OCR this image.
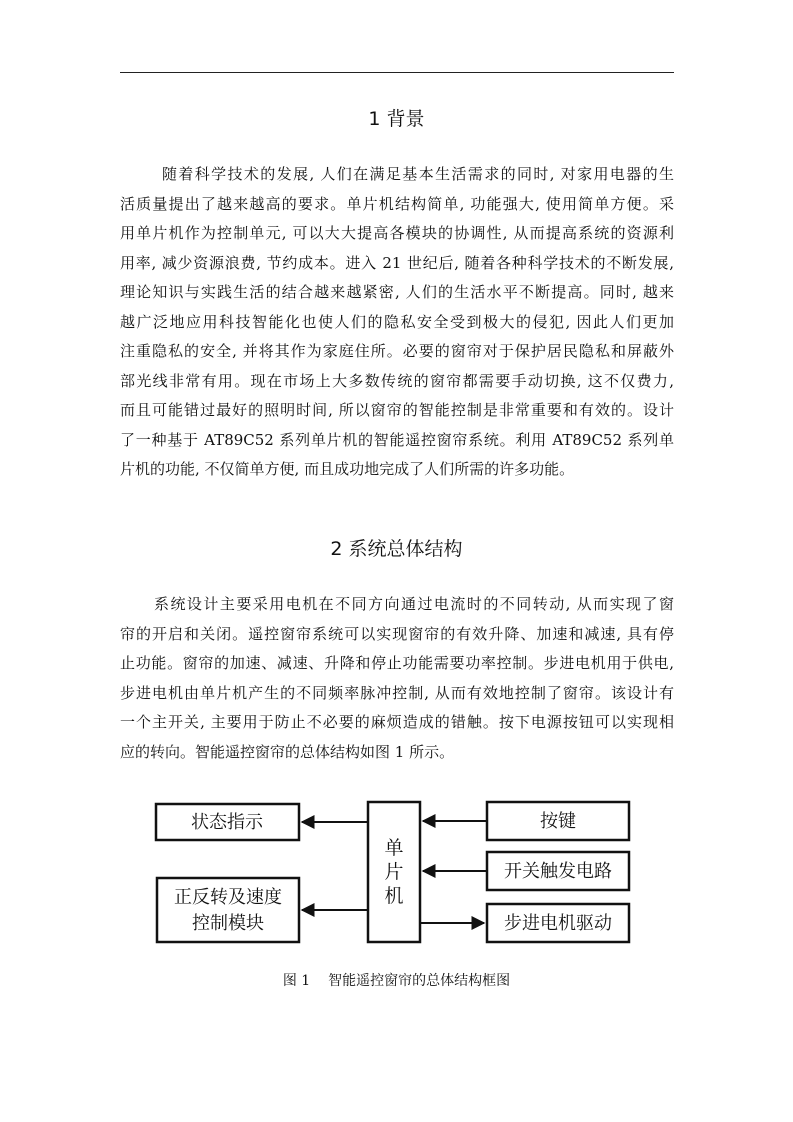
1 背景
随着科学技术的发展, 人们在满足基本生活需求的同时, 对家用电器的生
活质量提出了越来越高的要求。单片机结构简单, 功能强大, 使用简单方便。采
用单片机作为控制单元, 可以大大提高各模块的协调性, 从而提高系统的资源利
用率, 减少资源浪费, 节约成本。进入 21 世纪后, 随着各种科学技术的不断发展,
理论知识与实践生活的结合越来越紧密, 人们的生活水平不断提高。同时, 越来
越广泛地应用科技智能化也使人们的隐私安全受到极大的侵犯, 因此人们更加
注重隐私的安全, 并将其作为家庭住所。必要的窗帘对于保护居民隐私和屏蔽外
部光线非常有用。现在市场上大多数传统的窗帘都需要手动切换, 这不仅费力,
而且可能错过最好的照明时间, 所以窗帘的智能控制是非常重要和有效的。设计
了一种基于 AT89C52 系列单片机的智能遥控窗帘系统。利用 AT89C52 系列单
片机的功能, 不仅简单方便, 而且成功地完成了人们所需的许多功能。
2 系统总体结构
系统设计主要采用电机在不同方向通过电流时的不同转动, 从而实现了窗
帘的开启和关闭。遥控窗帘系统可以实现窗帘的有效升降、加速和减速, 具有停
止功能。窗帘的加速、减速、升降和停止功能需要功率控制。步进电机用于供电,
步进电机由单片机产生的不同频率脉冲控制, 从而有效地控制了窗帘。该设计有
一个主开关, 主要用于防止不必要的麻烦造成的错触。按下电源按钮可以实现相
应的转向。智能遥控窗帘的总体结构如图 1 所示。
状态指示
正反转及速度
控制模块
单
片
机
按键
开关触发电路
步进电机驱动
图 1 智能遥控窗帘的总体结构框图
